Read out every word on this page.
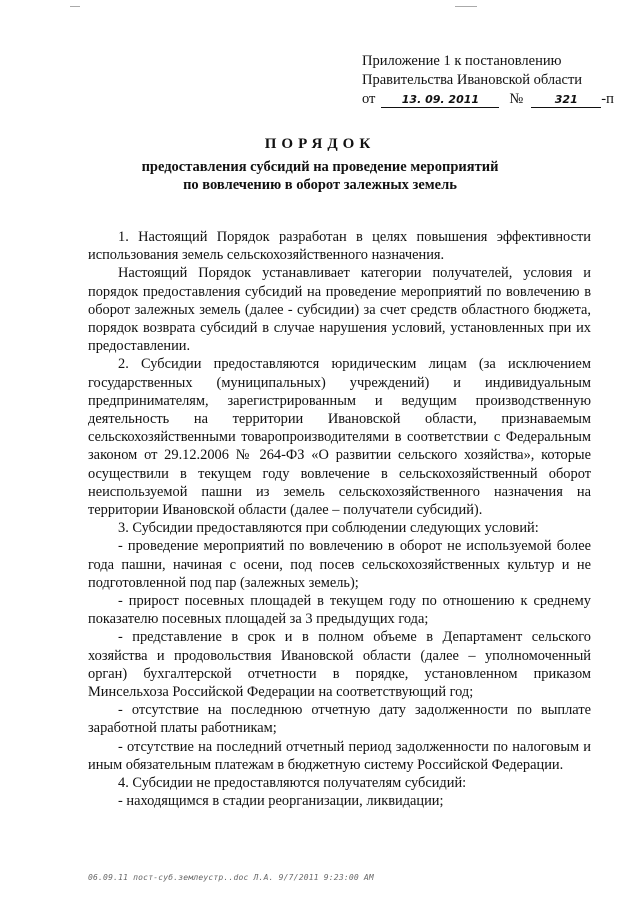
Приложение 1 к постановлению
Правительства Ивановской области
от 13. 09. 2011 №	321 -п
ПОРЯДОК
предоставления субсидий на проведение мероприятий
по вовлечению в оборот залежных земель

1. Настоящий Порядок разработан в целях повышения эффективности использования земель сельскохозяйственного назначения.

Настоящий Порядок устанавливает категории получателей, условия и порядок предоставления субсидий на проведение мероприятий по вовлечению в оборот залежных земель (далее - субсидии) за счет средств областного бюджета, порядок возврата субсидий в случае нарушения условий, установленных при их предоставлении.

2. Субсидии предоставляются юридическим лицам (за исключением государственных (муниципальных) учреждений) и индивидуальным предпринимателям, зарегистрированным и ведущим производственную деятельность на территории Ивановской области, признаваемым сельскохозяйственными товаропроизводителями в соответствии с Федеральным законом от 29.12.2006 № 264-ФЗ «О развитии сельского хозяйства», которые осуществили в текущем году вовлечение в сельскохозяйственный оборот неиспользуемой пашни из земель сельскохозяйственного назначения на территории Ивановской области (далее – получатели субсидий).

3. Субсидии предоставляются при соблюдении следующих условий:

- проведение мероприятий по вовлечению в оборот не используемой более года пашни, начиная с осени, под посев сельскохозяйственных культур и не подготовленной под пар (залежных земель);

- прирост посевных площадей в текущем году по отношению к среднему показателю посевных площадей за 3 предыдущих года;

- представление в срок и в полном объеме в Департамент сельского хозяйства и продовольствия Ивановской области (далее – уполномоченный орган) бухгалтерской отчетности в порядке, установленном приказом Минсельхоза Российской Федерации на соответствующий год;

- отсутствие на последнюю отчетную дату задолженности по выплате заработной платы работникам;

- отсутствие на последний отчетный период задолженности по налоговым и иным обязательным платежам в бюджетную систему Российской Федерации.

4. Субсидии не предоставляются получателям субсидий:

- находящимся в стадии реорганизации, ликвидации;

06.09.11 пост-суб.землеустр..doc Л.А. 9/7/2011 9:23:00 AM
